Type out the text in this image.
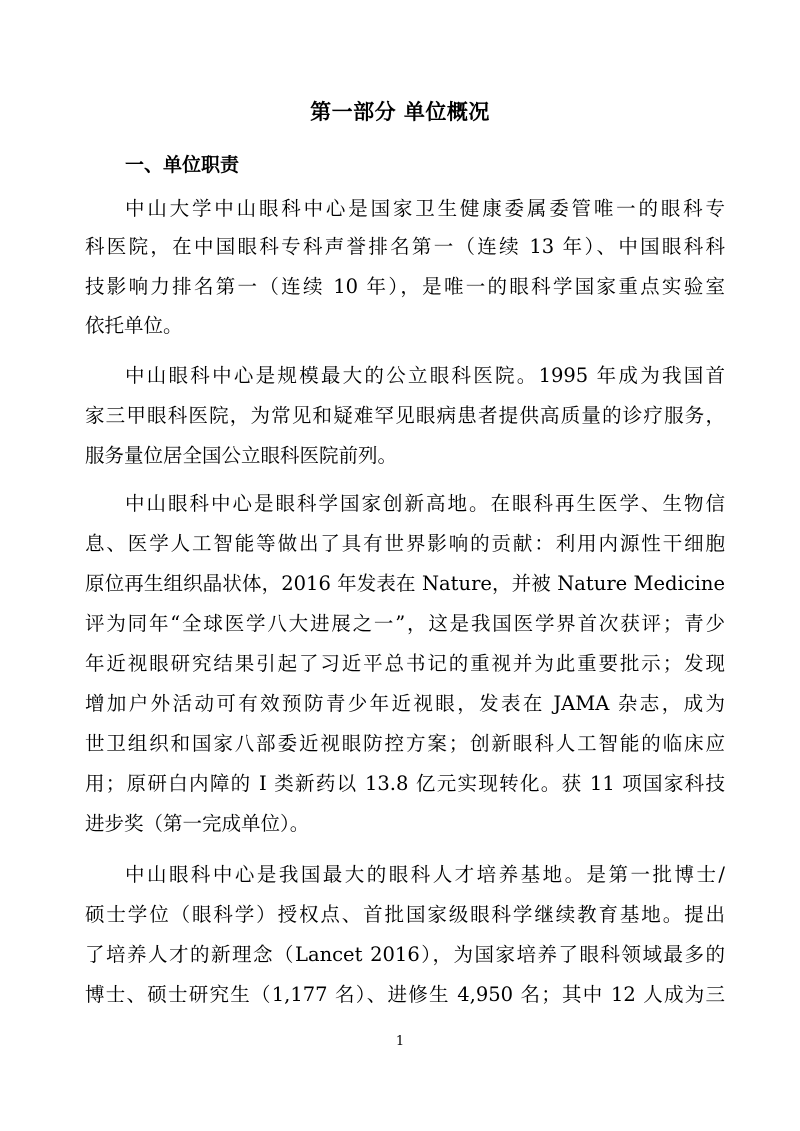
第一部分 单位概况
一、单位职责
中山大学中山眼科中心是国家卫生健康委属委管唯一的眼科专
科医院，在中国眼科专科声誉排名第一（连续 13 年）、中国眼科科
技影响力排名第一（连续 10 年），是唯一的眼科学国家重点实验室
依托单位。
中山眼科中心是规模最大的公立眼科医院。1995 年成为我国首
家三甲眼科医院，为常见和疑难罕见眼病患者提供高质量的诊疗服务，
服务量位居全国公立眼科医院前列。
中山眼科中心是眼科学国家创新高地。在眼科再生医学、生物信
息、医学人工智能等做出了具有世界影响的贡献：利用内源性干细胞
原位再生组织晶状体，2016 年发表在 Nature，并被 Nature Medicine
评为同年“全球医学八大进展之一”，这是我国医学界首次获评；青少
年近视眼研究结果引起了习近平总书记的重视并为此重要批示；发现
增加户外活动可有效预防青少年近视眼，发表在 JAMA 杂志，成为
世卫组织和国家八部委近视眼防控方案；创新眼科人工智能的临床应
用；原研白内障的 I 类新药以 13.8 亿元实现转化。获 11 项国家科技
进步奖（第一完成单位）。
中山眼科中心是我国最大的眼科人才培养基地。是第一批博士/
硕士学位（眼科学）授权点、首批国家级眼科学继续教育基地。提出
了培养人才的新理念（Lancet 2016），为国家培养了眼科领域最多的
博士、硕士研究生（1,177 名）、进修生 4,950 名；其中 12 人成为三
1
